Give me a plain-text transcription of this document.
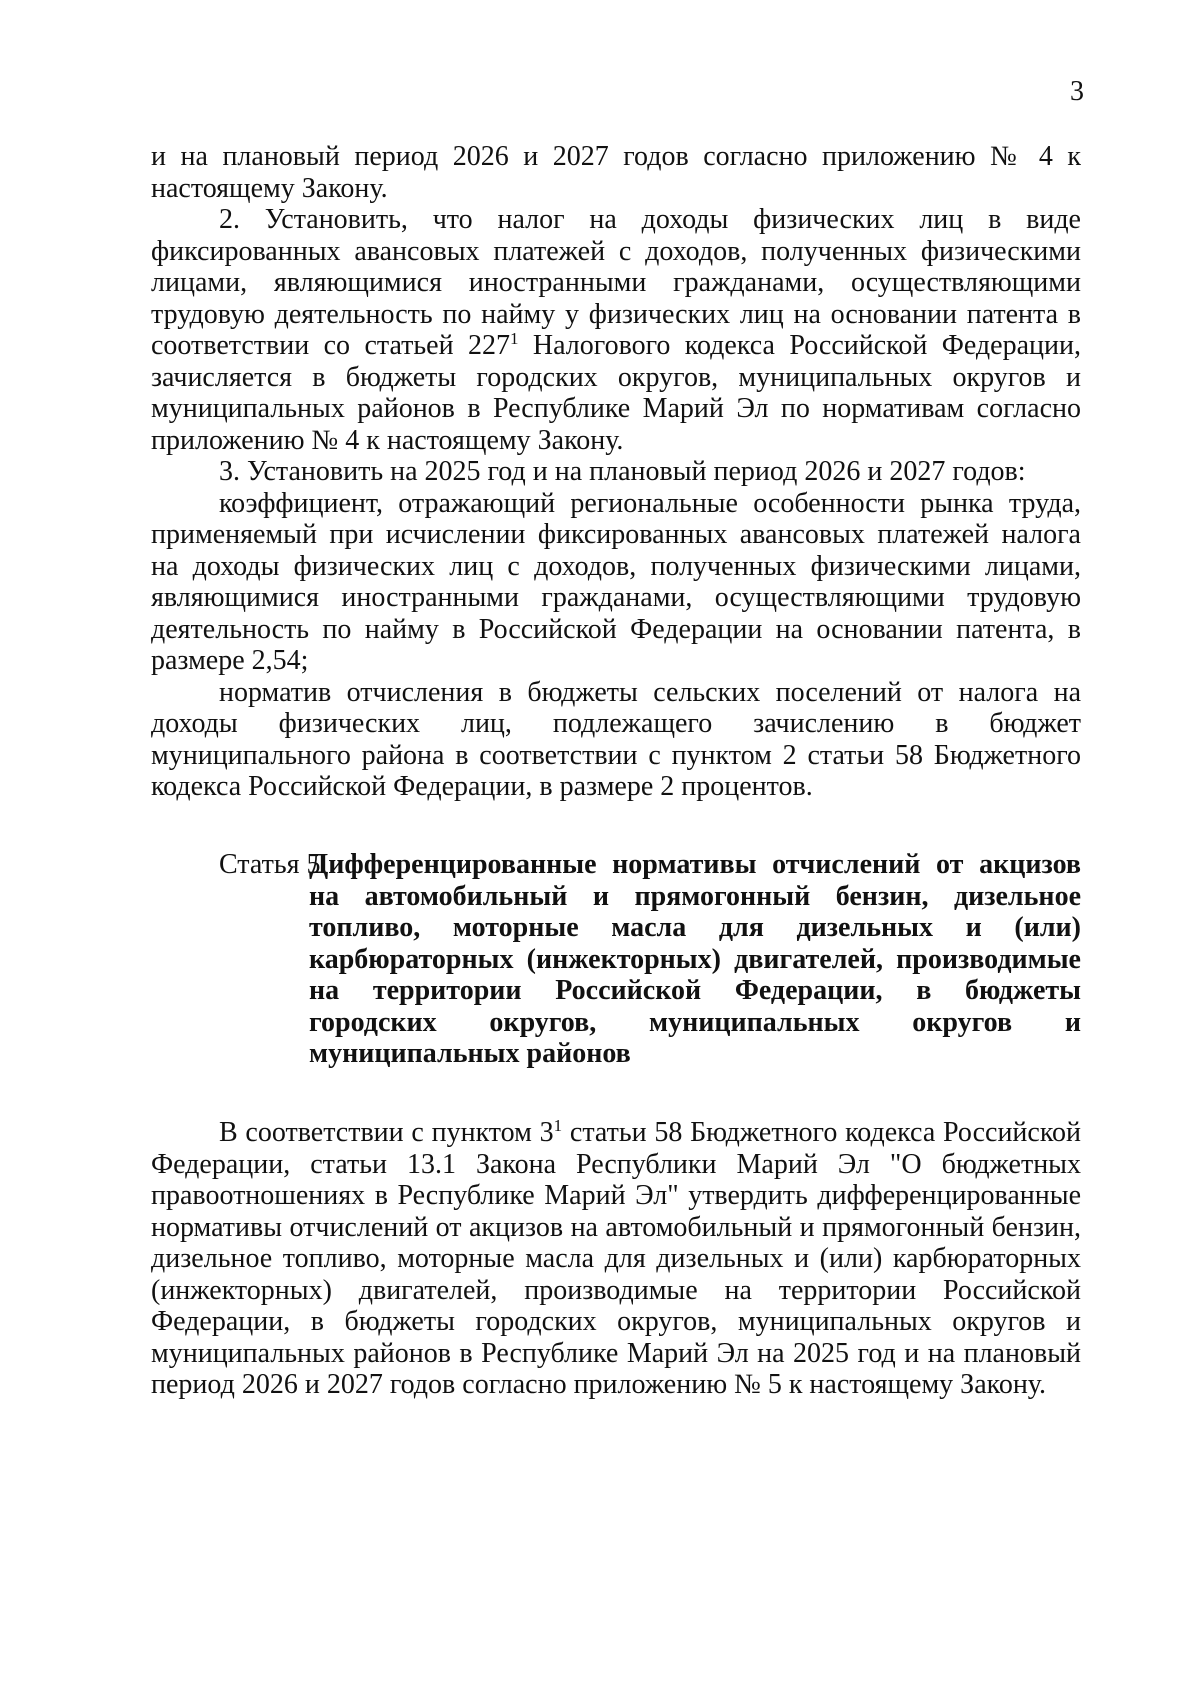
3

и на плановый период 2026 и 2027 годов согласно приложению № 4 к настоящему Закону.

2. Установить, что налог на доходы физических лиц в виде фиксированных авансовых платежей с доходов, полученных физическими лицами, являющимися иностранными гражданами, осуществляющими трудовую деятельность по найму у физических лиц на основании патента в соответствии со статьей $227^1$ Налогового кодекса Российской Федерации, зачисляется в бюджеты городских округов, муниципальных округов и муниципальных районов в Республике Марий Эл по нормативам согласно приложению № 4 к настоящему Закону.

3. Установить на 2025 год и на плановый период 2026 и 2027 годов:

коэффициент, отражающий региональные особенности рынка труда, применяемый при исчислении фиксированных авансовых платежей налога на доходы физических лиц с доходов, полученных физическими лицами, являющимися иностранными гражданами, осуществляющими трудовую деятельность по найму в Российской Федерации на основании патента, в размере 2,54;

норматив отчисления в бюджеты сельских поселений от налога на доходы физических лиц, подлежащего зачислению в бюджет муниципального района в соответствии с пунктом 2 статьи 58 Бюджетного кодекса Российской Федерации, в размере 2 процентов.

Статья 5.

Дифференцированные нормативы отчислений от акцизов на автомобильный и прямогонный бензин, дизельное топливо, моторные масла для дизельных и (или) карбюраторных (инжекторных) двигателей, производимые на территории Российской Федерации, в бюджеты городских округов, муниципальных округов и муниципальных районов

В соответствии с пунктом $3^1$ статьи 58 Бюджетного кодекса Российской Федерации, статьи 13.1 Закона Республики Марий Эл "О бюджетных правоотношениях в Республике Марий Эл" утвердить дифференцированные нормативы отчислений от акцизов на автомобильный и прямогонный бензин, дизельное топливо, моторные масла для дизельных и (или) карбюраторных (инжекторных) двигателей, производимые на территории Российской Федерации, в бюджеты городских округов, муниципальных округов и муниципальных районов в Республике Марий Эл на 2025 год и на плановый период 2026 и 2027 годов согласно приложению № 5 к настоящему Закону.
